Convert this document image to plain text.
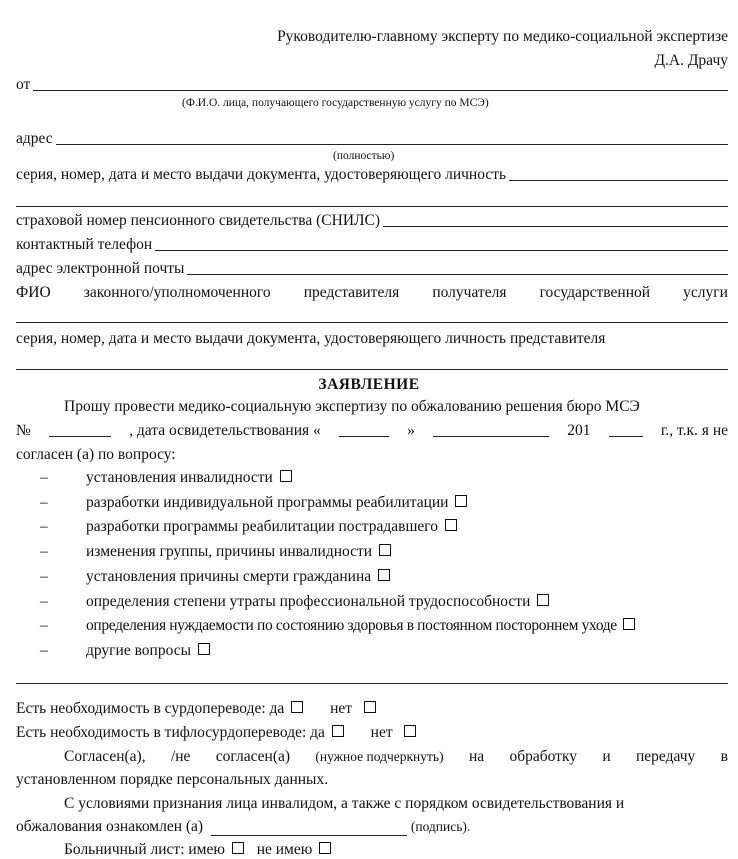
Руководителю-главному эксперту по медико-социальной экспертизе
Д.А. Драчу
от
(Ф.И.О. лица, получающего государственную услугу по МСЭ)
адрес
(полностью)
серия, номер, дата и место выдачи документа, удостоверяющего личность
страховой номер пенсионного свидетельства (СНИЛС)
контактный телефон
адрес электронной почты
ФИО законного/уполномоченного представителя получателя государственной услуги
серия, номер, дата и место выдачи документа, удостоверяющего личность представителя
ЗАЯВЛЕНИЕ
Прошу провести медико-социальную экспертизу по обжалованию решения бюро МСЭ
№	, дата освидетельствования «	»	201	г., т.к. я не
согласен (а) по вопросу:
– установления инвалидности
– разработки индивидуальной программы реабилитации
– разработки программы реабилитации пострадавшего
– изменения группы, причины инвалидности
– установления причины смерти гражданина
– определения степени утраты профессиональной трудоспособности
– определения нуждаемости по состоянию здоровья в постоянном постороннем уходе
– другие вопросы
Есть необходимость в сурдопереводе: да	нет
Есть необходимость в тифлосурдопереводе: да	нет
Согласен(а), /не согласен(а) (нужное подчеркнуть) на обработку и передачу в
установленном порядке персональных данных.
С условиями признания лица инвалидом, а также с порядком освидетельствования и
обжалования ознакомлен (а)	(подпись).
Больничный лист: имею не имею
